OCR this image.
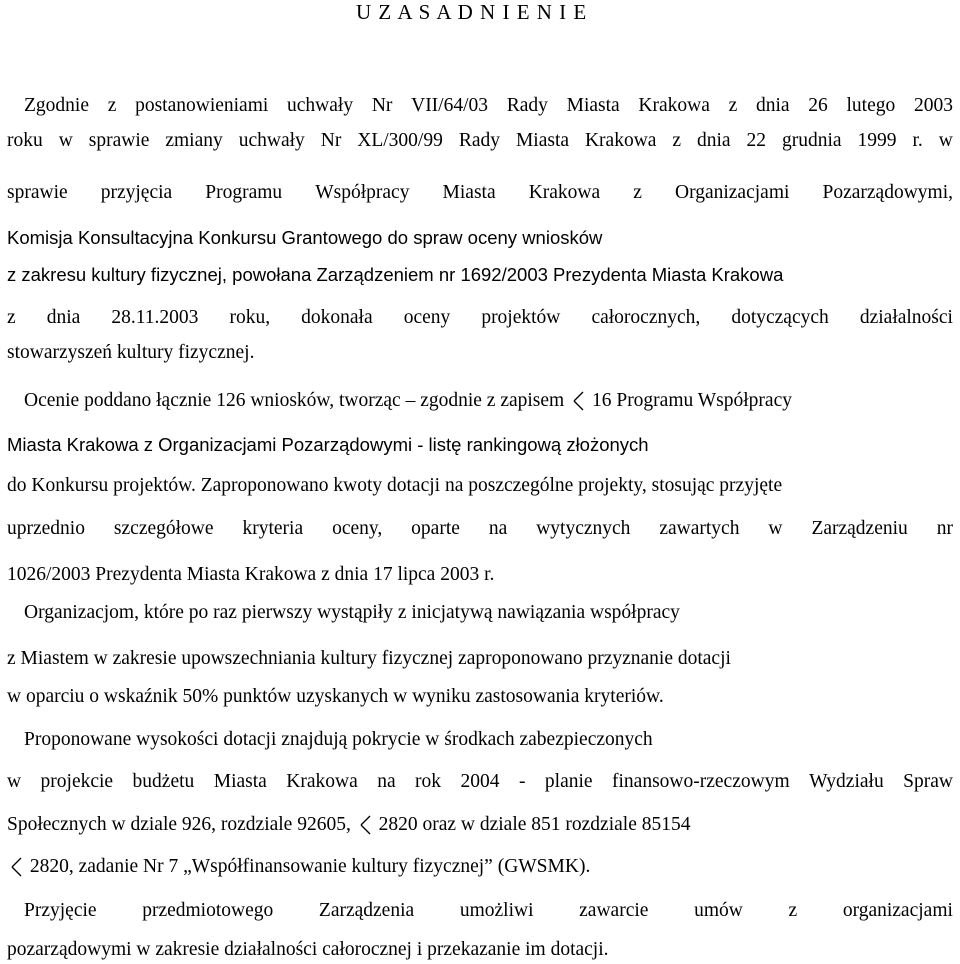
U Z A S A D N I E N I E
Zgodnie z postanowieniami uchwały Nr VII/64/03 Rady Miasta Krakowa z dnia 26 lutego 2003
roku w sprawie zmiany uchwały Nr XL/300/99 Rady Miasta Krakowa z dnia 22 grudnia 1999 r. w
sprawie przyjęcia Programu Współpracy Miasta Krakowa z Organizacjami Pozarządowymi,
Komisja Konsultacyjna Konkursu Grantowego do spraw oceny wniosków
z zakresu kultury fizycznej, powołana Zarządzeniem nr 1692/2003 Prezydenta Miasta Krakowa
z dnia 28.11.2003 roku, dokonała oceny projektów całorocznych, dotyczących działalności
stowarzyszeń kultury fizycznej.
Ocenie poddano łącznie 126 wniosków, tworząc – zgodnie z zapisem 16 Programu Współpracy
Miasta Krakowa z Organizacjami Pozarządowymi - listę rankingową złożonych
do Konkursu projektów. Zaproponowano kwoty dotacji na poszczególne projekty, stosując przyjęte
uprzednio szczegółowe kryteria oceny, oparte na wytycznych zawartych w Zarządzeniu nr
1026/2003 Prezydenta Miasta Krakowa z dnia 17 lipca 2003 r.
Organizacjom, które po raz pierwszy wystąpiły z inicjatywą nawiązania współpracy
z Miastem w zakresie upowszechniania kultury fizycznej zaproponowano przyznanie dotacji
w oparciu o wskaźnik 50% punktów uzyskanych w wyniku zastosowania kryteriów.
Proponowane wysokości dotacji znajdują pokrycie w środkach zabezpieczonych
w projekcie budżetu Miasta Krakowa na rok 2004 - planie finansowo-rzeczowym Wydziału Spraw
Społecznych w dziale 926, rozdziale 92605, 2820 oraz w dziale 851 rozdziale 85154
2820, zadanie Nr 7 „Współfinansowanie kultury fizycznej” (GWSMK).
Przyjęcie przedmiotowego Zarządzenia umożliwi zawarcie umów z organizacjami
pozarządowymi w zakresie działalności całorocznej i przekazanie im dotacji.
